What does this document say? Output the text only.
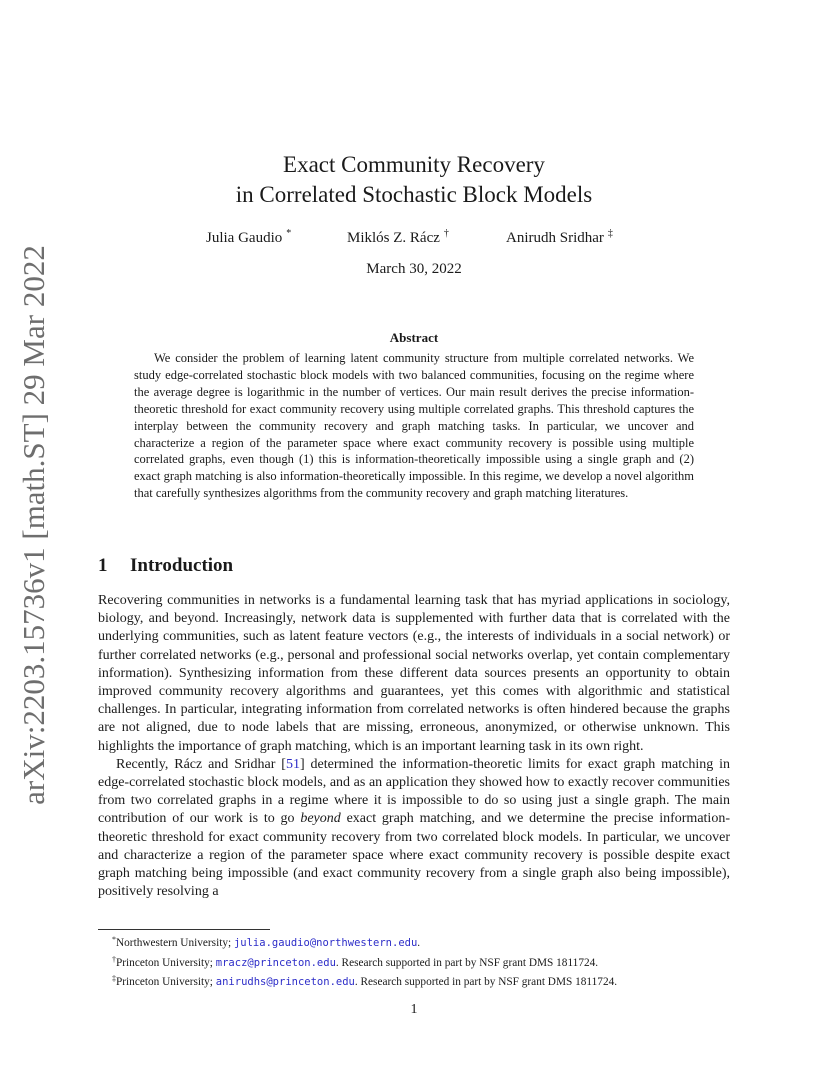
arXiv:2203.15736v1 [math.ST] 29 Mar 2022
Exact Community Recovery
in Correlated Stochastic Block Models
Julia Gaudio *	Miklós Z. Rácz †	Anirudh Sridhar ‡
March 30, 2022
Abstract
We consider the problem of learning latent community structure from multiple correlated networks. We study edge-correlated stochastic block models with two balanced communities, focusing on the regime where the average degree is logarithmic in the number of vertices. Our main result derives the precise information-theoretic threshold for exact community recovery using multiple correlated graphs. This threshold captures the interplay between the community recovery and graph matching tasks. In particular, we uncover and characterize a region of the parameter space where exact community recovery is possible using multiple correlated graphs, even though (1) this is information-theoretically impossible using a single graph and (2) exact graph matching is also information-theoretically impossible. In this regime, we develop a novel algorithm that carefully synthesizes algorithms from the community recovery and graph matching literatures.
1 Introduction

Recovering communities in networks is a fundamental learning task that has myriad applications in sociology, biology, and beyond. Increasingly, network data is supplemented with further data that is correlated with the underlying communities, such as latent feature vectors (e.g., the interests of individuals in a social network) or further correlated networks (e.g., personal and professional social networks overlap, yet contain complementary information). Synthesizing information from these different data sources presents an opportunity to obtain improved community recovery algorithms and guarantees, yet this comes with algorithmic and statistical challenges. In particular, integrating information from correlated networks is often hindered because the graphs are not aligned, due to node labels that are missing, erroneous, anonymized, or otherwise unknown. This highlights the importance of graph matching, which is an important learning task in its own right.

Recently, Rácz and Sridhar [51] determined the information-theoretic limits for exact graph matching in edge-correlated stochastic block models, and as an application they showed how to exactly recover communities from two correlated graphs in a regime where it is impossible to do so using just a single graph. The main contribution of our work is to go beyond exact graph matching, and we determine the precise information-theoretic threshold for exact community recovery from two correlated block models. In particular, we uncover and characterize a region of the parameter space where exact community recovery is possible despite exact graph matching being impossible (and exact community recovery from a single graph also being impossible), positively resolving a

*Northwestern University; julia.gaudio@northwestern.edu.
†Princeton University; mracz@princeton.edu. Research supported in part by NSF grant DMS 1811724.
‡Princeton University; anirudhs@princeton.edu. Research supported in part by NSF grant DMS 1811724.
1
